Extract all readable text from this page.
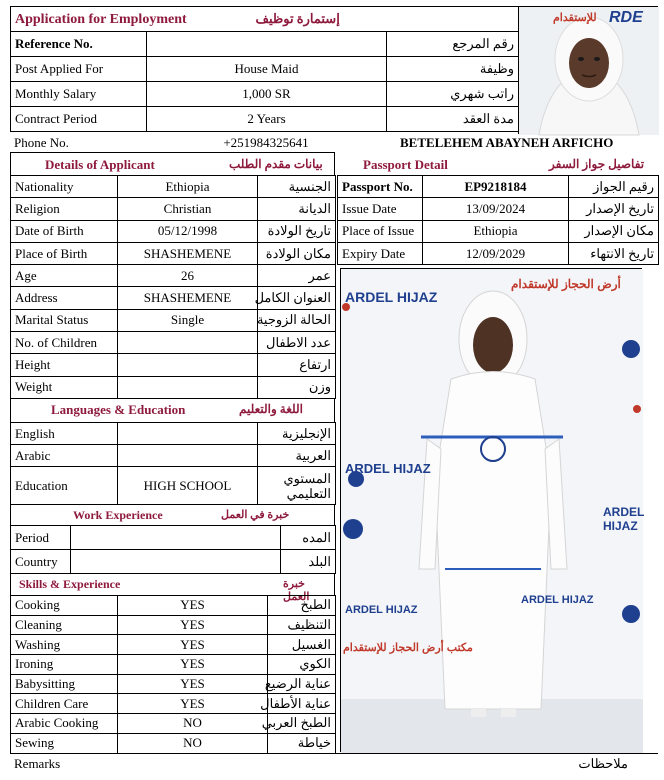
Application for Employment	إستمارة توظيف
Reference No.		رقم المرجع
Post Applied For	House Maid	وظيفة
Monthly Salary	1,000 SR	راتب شهري
Contract Period	2 Years	مدة العقد
للإستقدام RDE
Phone No.	+251984325641		BETELEHEM ABAYNEH ARFICHO
Details of Applicant	بيانات مقدم الطلب
Nationality	Ethiopia	الجنسية
Religion	Christian	الديانة
Date of Birth	05/12/1998	تاريخ الولادة
Place of Birth	SHASHEMENE	مكان الولادة
Age	26	عمر
Address	SHASHEMENE	العنوان الكامل
Marital Status	Single	الحالة الزوجية
No. of Children		عدد الاطفال
Height		ارتفاع
Weight		وزن
Languages & Education	اللغة والتعليم
English		الإنجليزية
Arabic		العربية
Education	HIGH SCHOOL	المستوي التعليمي
Work Experience	خبرة في العمل
Period		المده
Country		البلد
Skills & Experience	خبرة العمل
Cooking	YES	الطبخ
Cleaning	YES	التنظيف
Washing	YES	الغسيل
Ironing	YES	الكوي
Babysitting	YES	عناية الرضيع
Children Care	YES	عناية الأطفال
Arabic Cooking	NO	الطبخ العربي
Sewing	NO	خياطة
Remarks	ملاحظات
Passport Detail	تفاصيل جواز السفر
Passport No.	EP9218184	رقيم الجواز
Issue Date	13/09/2024	تاريخ الإصدار
Place of Issue	Ethiopia	مكان الإصدار
Expiry Date	12/09/2029	تاريخ الانتهاء
ARDEL HIJAZ
أرض الحجاز للإستقدام
ARDEL HIJAZ
ARDEL HIJAZ
ARDEL HIJAZ
ARDEL HIJAZ
مكتب أرض الحجاز للإستقدام
